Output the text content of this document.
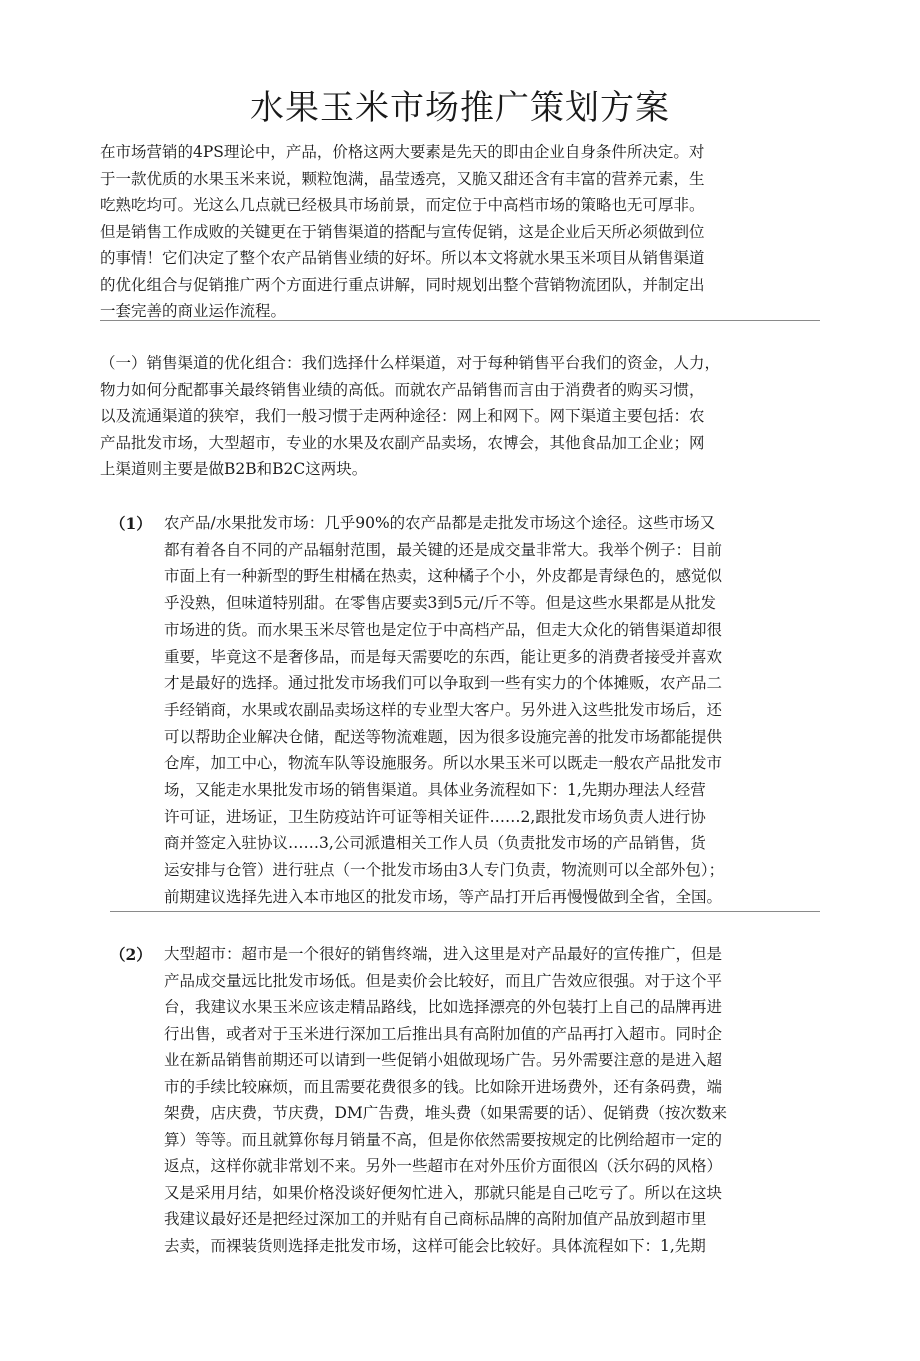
水果玉米市场推广策划方案
在市场营销的4PS理论中，产品，价格这两大要素是先天的即由企业自身条件所决定。对
于一款优质的水果玉米来说，颗粒饱满，晶莹透亮，又脆又甜还含有丰富的营养元素，生
吃熟吃均可。光这么几点就已经极具市场前景，而定位于中高档市场的策略也无可厚非。
但是销售工作成败的关键更在于销售渠道的搭配与宣传促销，这是企业后天所必须做到位
的事情！它们决定了整个农产品销售业绩的好坏。所以本文将就水果玉米项目从销售渠道
的优化组合与促销推广两个方面进行重点讲解，同时规划出整个营销物流团队，并制定出
一套完善的商业运作流程。
（一）销售渠道的优化组合：我们选择什么样渠道，对于每种销售平台我们的资金，人力，
物力如何分配都事关最终销售业绩的高低。而就农产品销售而言由于消费者的购买习惯，
以及流通渠道的狭窄，我们一般习惯于走两种途径：网上和网下。网下渠道主要包括：农
产品批发市场，大型超市，专业的水果及农副产品卖场，农博会，其他食品加工企业；网
上渠道则主要是做B2B和B2C这两块。
（1） 农产品/水果批发市场：几乎90%的农产品都是走批发市场这个途径。这些市场又
都有着各自不同的产品辐射范围，最关键的还是成交量非常大。我举个例子：目前
市面上有一种新型的野生柑橘在热卖，这种橘子个小，外皮都是青绿色的，感觉似
乎没熟，但味道特别甜。在零售店要卖3到5元/斤不等。但是这些水果都是从批发
市场进的货。而水果玉米尽管也是定位于中高档产品，但走大众化的销售渠道却很
重要，毕竟这不是奢侈品，而是每天需要吃的东西，能让更多的消费者接受并喜欢
才是最好的选择。通过批发市场我们可以争取到一些有实力的个体摊贩，农产品二
手经销商，水果或农副品卖场这样的专业型大客户。另外进入这些批发市场后，还
可以帮助企业解决仓储，配送等物流难题，因为很多设施完善的批发市场都能提供
仓库，加工中心，物流车队等设施服务。所以水果玉米可以既走一般农产品批发市
场，又能走水果批发市场的销售渠道。具体业务流程如下：1,先期办理法人经营
许可证，进场证，卫生防疫站许可证等相关证件……2,跟批发市场负责人进行协
商并签定入驻协议……3,公司派遣相关工作人员（负责批发市场的产品销售，货
运安排与仓管）进行驻点（一个批发市场由3人专门负责，物流则可以全部外包）；
前期建议选择先进入本市地区的批发市场，等产品打开后再慢慢做到全省，全国。
（2） 大型超市：超市是一个很好的销售终端，进入这里是对产品最好的宣传推广，但是
产品成交量远比批发市场低。但是卖价会比较好，而且广告效应很强。对于这个平
台，我建议水果玉米应该走精品路线，比如选择漂亮的外包装打上自己的品牌再进
行出售，或者对于玉米进行深加工后推出具有高附加值的产品再打入超市。同时企
业在新品销售前期还可以请到一些促销小姐做现场广告。另外需要注意的是进入超
市的手续比较麻烦，而且需要花费很多的钱。比如除开进场费外，还有条码费，端
架费，店庆费，节庆费，DM广告费，堆头费（如果需要的话）、促销费（按次数来
算）等等。而且就算你每月销量不高，但是你依然需要按规定的比例给超市一定的
返点，这样你就非常划不来。另外一些超市在对外压价方面很凶（沃尔码的风格）
又是采用月结，如果价格没谈好便匆忙进入，那就只能是自己吃亏了。所以在这块
我建议最好还是把经过深加工的并贴有自己商标品牌的高附加值产品放到超市里
去卖，而裸装货则选择走批发市场，这样可能会比较好。具体流程如下：1,先期
